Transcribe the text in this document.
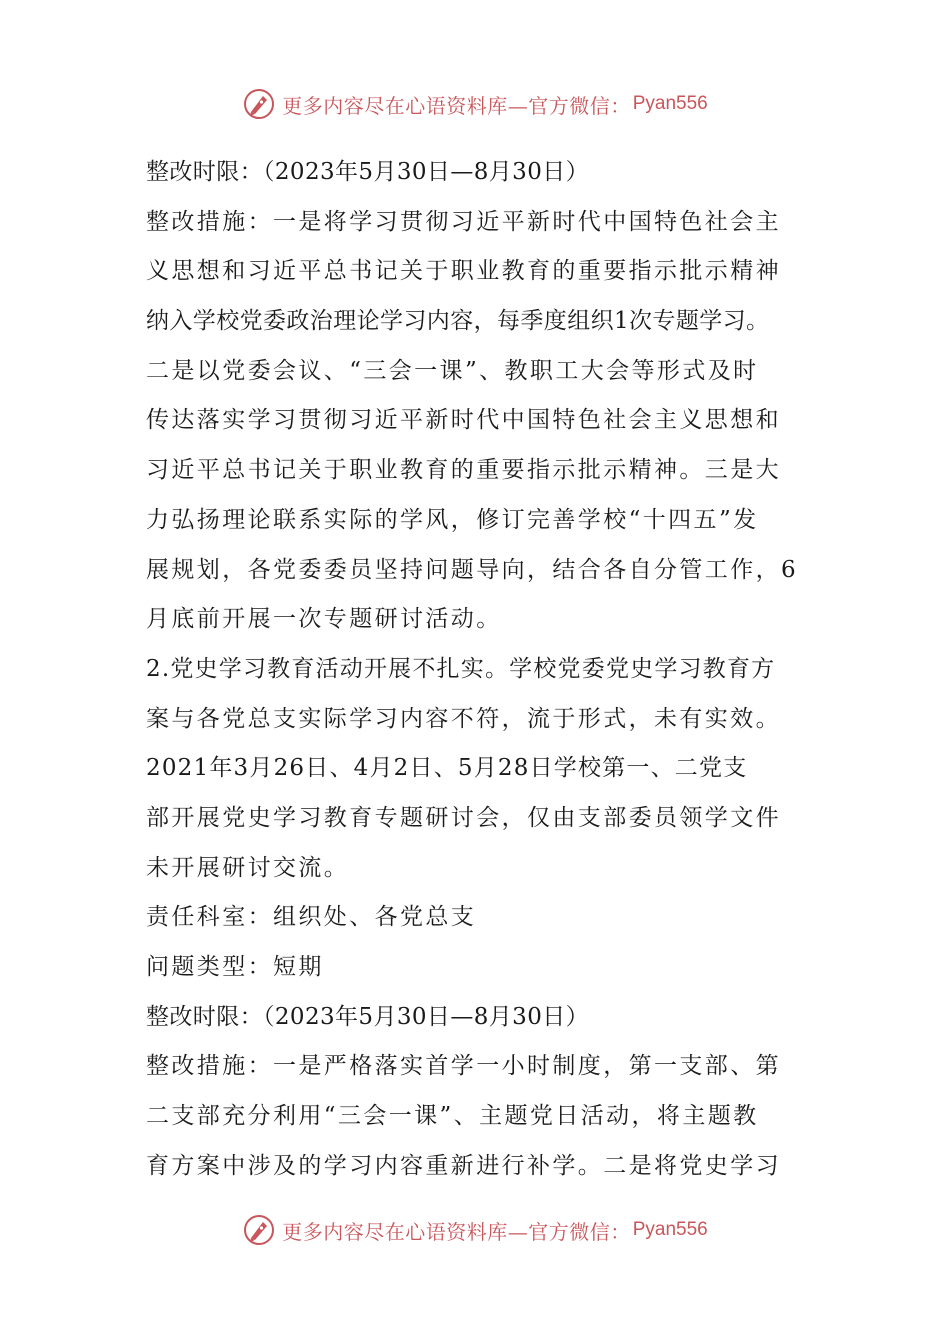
更多内容尽在心语资料库—官方微信： Pyan556
整改时限：（2023年5月30日—8月30日）
整改措施：一是将学习贯彻习近平新时代中国特色社会主
义思想和习近平总书记关于职业教育的重要指示批示精神
纳入学校党委政治理论学习内容，每季度组织1次专题学习。
二是以党委会议、“三会一课”、教职工大会等形式及时
传达落实学习贯彻习近平新时代中国特色社会主义思想和
习近平总书记关于职业教育的重要指示批示精神。三是大
力弘扬理论联系实际的学风，修订完善学校“十四五”发
展规划，各党委委员坚持问题导向，结合各自分管工作，6
月底前开展一次专题研讨活动。
2.党史学习教育活动开展不扎实。学校党委党史学习教育方
案与各党总支实际学习内容不符，流于形式，未有实效。
2021年3月26日、4月2日、5月28日学校第一、二党支
部开展党史学习教育专题研讨会，仅由支部委员领学文件
未开展研讨交流。
责任科室：组织处、各党总支
问题类型：短期
整改时限：（2023年5月30日—8月30日）
整改措施：一是严格落实首学一小时制度，第一支部、第
二支部充分利用“三会一课”、主题党日活动，将主题教
育方案中涉及的学习内容重新进行补学。二是将党史学习
更多内容尽在心语资料库—官方微信： Pyan556
